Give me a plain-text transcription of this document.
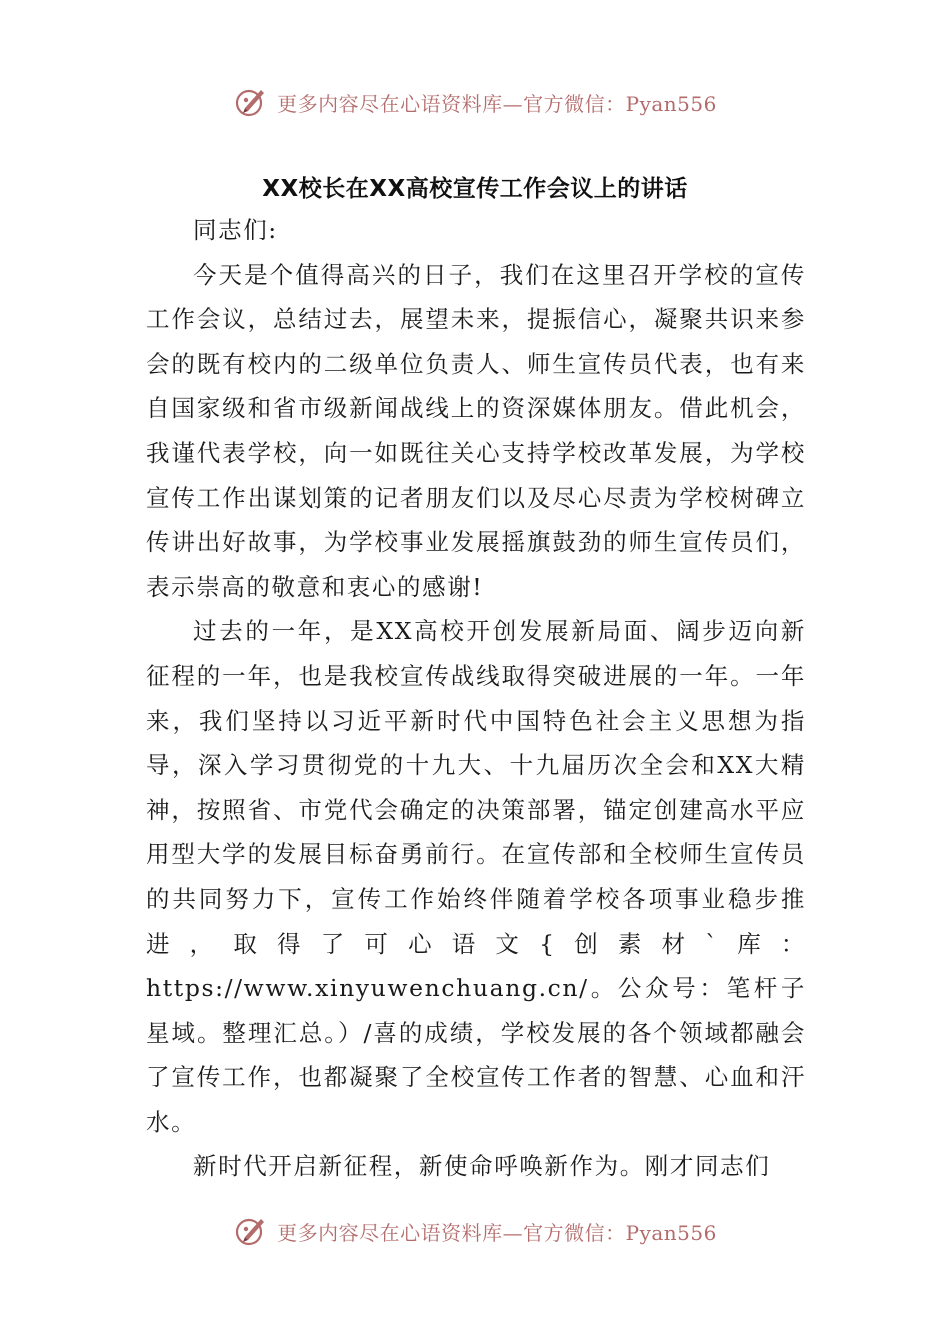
更多内容尽在心语资料库—官方微信：Pyan556
XX校长在XX高校宣传工作会议上的讲话

同志们:

今天是个值得高兴的日子，我们在这里召开学校的宣传工作会议，总结过去，展望未来，提振信心，凝聚共识来参会的既有校内的二级单位负责人、师生宣传员代表，也有来自国家级和省市级新闻战线上的资深媒体朋友。借此机会，我谨代表学校，向一如既往关心支持学校改革发展，为学校宣传工作出谋划策的记者朋友们以及尽心尽责为学校树碑立传讲出好故事，为学校事业发展摇旗鼓劲的师生宣传员们，表示崇高的敬意和衷心的感谢!

过去的一年，是XX高校开创发展新局面、阔步迈向新征程的一年，也是我校宣传战线取得突破进展的一年。一年来，我们坚持以习近平新时代中国特色社会主义思想为指导，深入学习贯彻党的十九大、十九届历次全会和XX大精神，按照省、市党代会确定的决策部署，锚定创建高水平应用型大学的发展目标奋勇前行。在宣传部和全校师生宣传员的共同努力下，宣传工作始终伴随着学校各项事业稳步推进，取得了可心语文{创素材`库：https://www.xinyuwenchuang.cn/。公众号：笔杆子星域。整理汇总。）/喜的成绩，学校发展的各个领域都融会了宣传工作，也都凝聚了全校宣传工作者的智慧、心血和汗水。

新时代开启新征程，新使命呼唤新作为。刚才同志们

更多内容尽在心语资料库—官方微信：Pyan556
